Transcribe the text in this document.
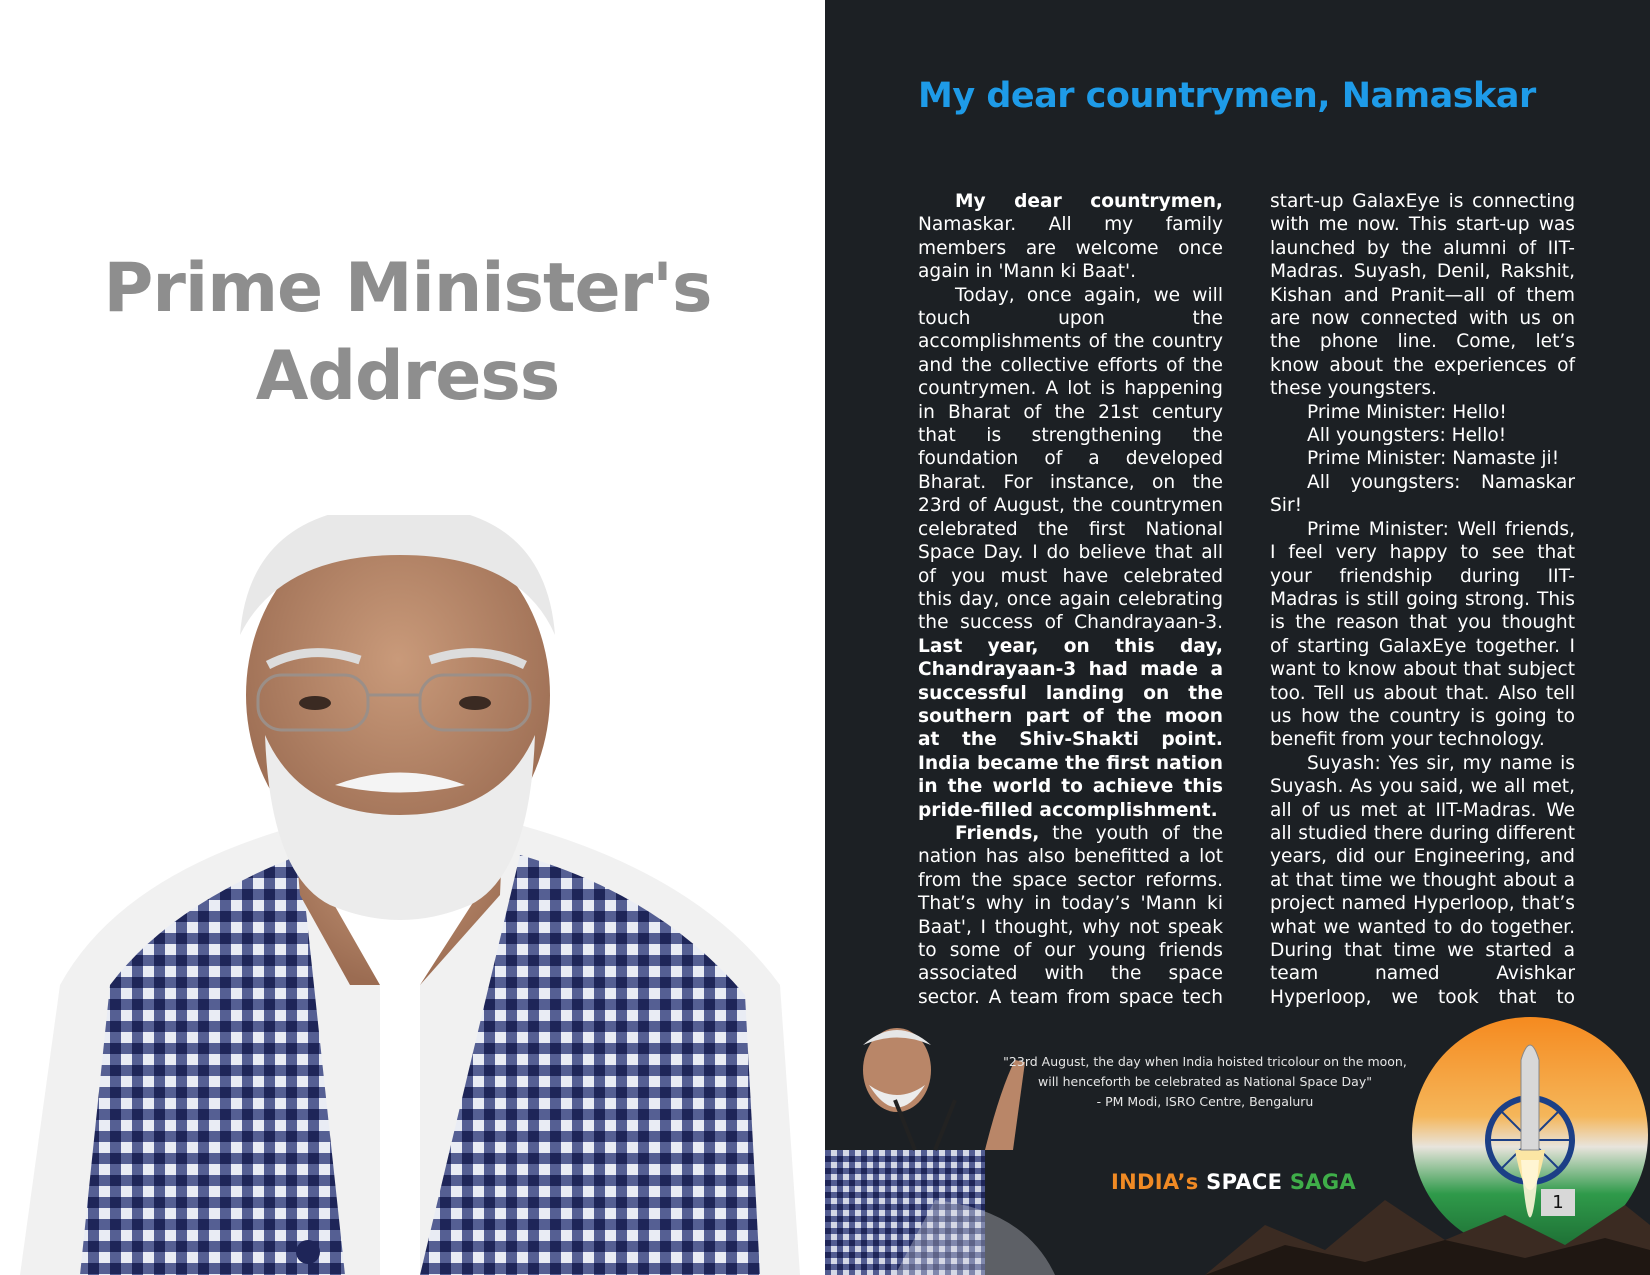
Prime Minister's
Address
My dear countrymen, Namaskar

My dear countrymen, Namaskar. All my family members are welcome once again in 'Mann ki Baat'.

Today, once again, we will touch upon the accomplishments of the country and the collective efforts of the countrymen. A lot is happening in Bharat of the 21st century that is strengthening the foundation of a developed Bharat. For instance, on the 23rd of August, the countrymen celebrated the first National Space Day. I do believe that all of you must have celebrated this day, once again celebrating the success of Chandrayaan-3. Last year, on this day, Chandrayaan-3 had made a successful landing on the southern part of the moon at the Shiv-Shakti point. India became the first nation in the world to achieve this pride-filled accomplishment.

Friends, the youth of the nation has also benefitted a lot from the space sector reforms. That’s why in today’s 'Mann ki Baat', I thought, why not speak to some of our young friends associated with the space sector. A team from space tech

start-up GalaxEye is connecting with me now. This start-up was launched by the alumni of IIT-Madras. Suyash, Denil, Rakshit, Kishan and Pranit—all of them are now connected with us on the phone line. Come, let’s know about the experiences of these youngsters.

Prime Minister: Hello!

All youngsters: Hello!

Prime Minister: Namaste ji!

All youngsters: Namaskar Sir!

Prime Minister: Well friends, I feel very happy to see that your friendship during IIT-Madras is still going strong. This is the reason that you thought of starting GalaxEye together. I want to know about that subject too. Tell us about that. Also tell us how the country is going to benefit from your technology.

Suyash: Yes sir, my name is Suyash. As you said, we all met, all of us met at IIT-Madras. We all studied there during different years, did our Engineering, and at that time we thought about a project named Hyperloop, that’s what we wanted to do together. During that time we started a team named Avishkar Hyperloop, we took that to

"23rd August, the day when India hoisted tricolour on the moon,
will henceforth be celebrated as National Space Day"
- PM Modi, ISRO Centre, Bengaluru
INDIA’s SPACE SAGA
1
